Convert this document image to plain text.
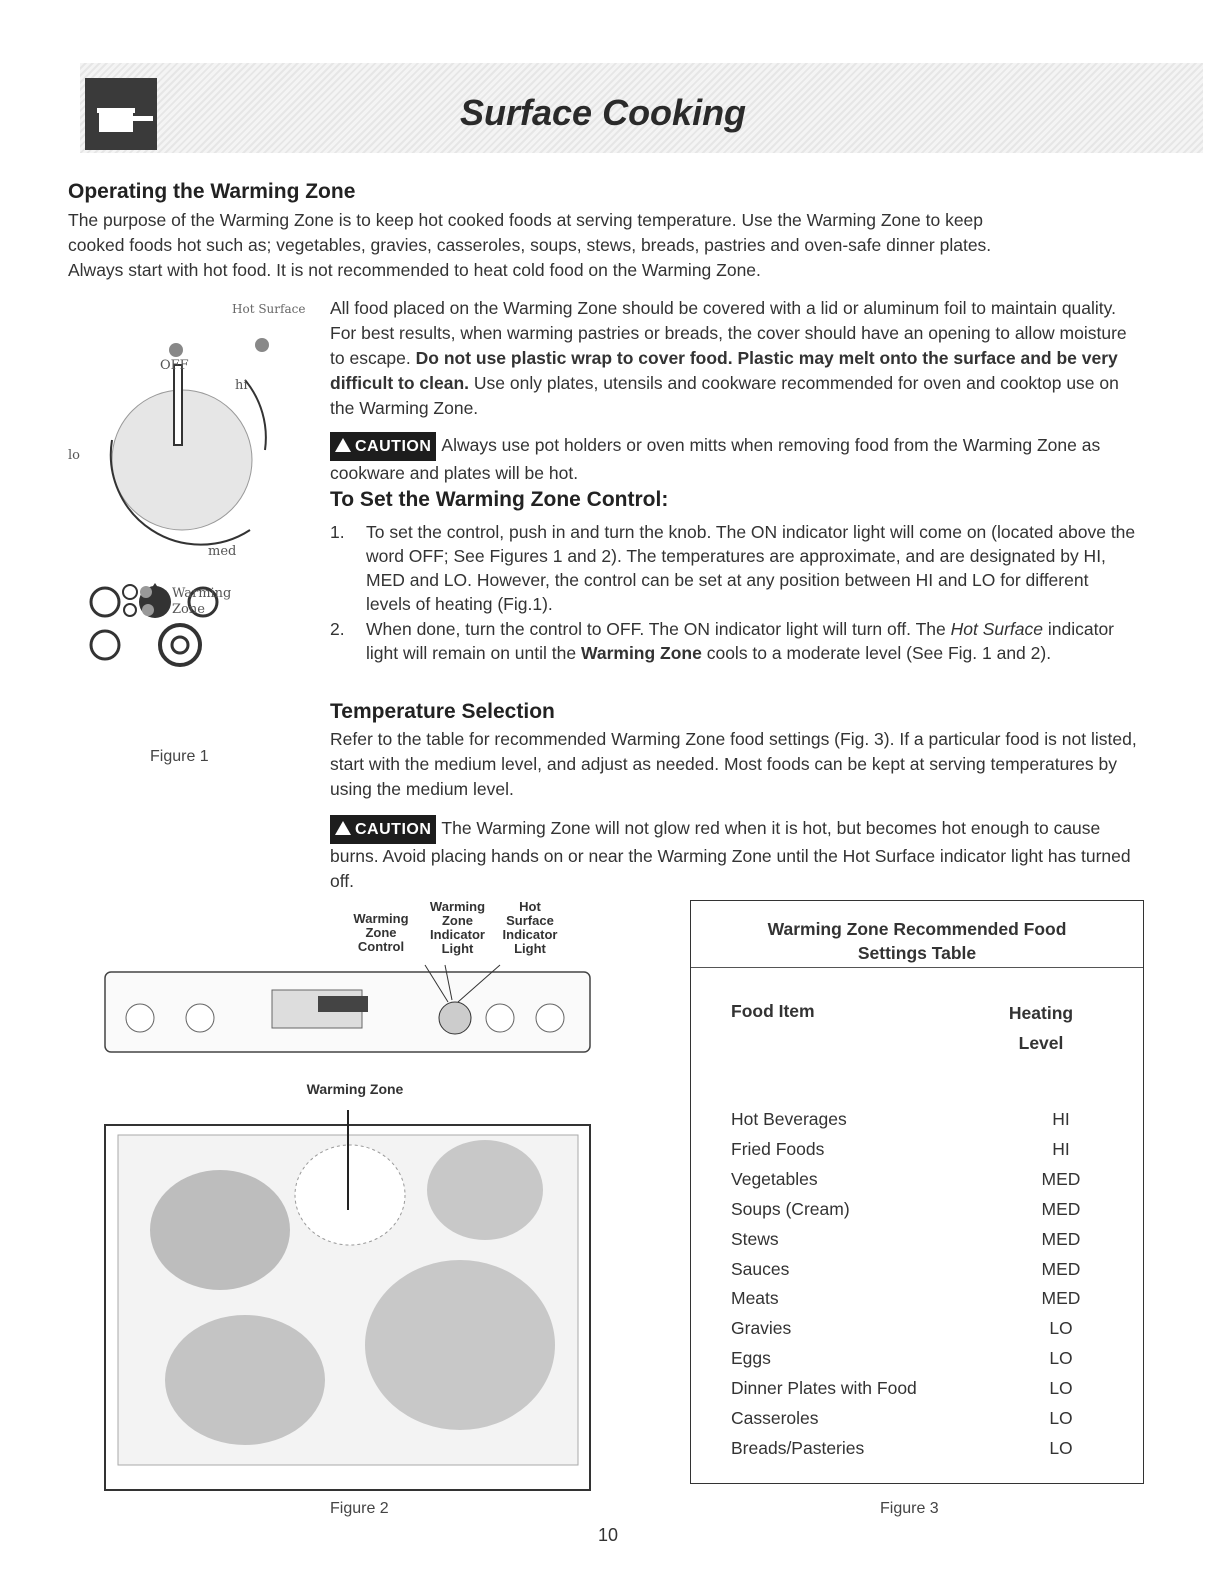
Surface Cooking
Operating the Warming Zone

The purpose of the Warming Zone is to keep hot cooked foods at serving temperature. Use the Warming Zone to keep

cooked foods hot such as; vegetables, gravies, casseroles, soups, stews, breads, pastries and oven-safe dinner plates.

Always start with hot food. It is not recommended to heat cold food on the Warming Zone.

All food placed on the Warming Zone should be covered with a lid or aluminum foil to maintain quality. For best results, when warming pastries or breads, the cover should have an opening to allow moisture to escape. Do not use plastic wrap to cover food. Plastic may melt onto the surface and be very difficult to clean. Use only plates, utensils and cookware recommended for oven and cooktop use on the Warming Zone.

CAUTION Always use pot holders or oven mitts when removing food from the Warming Zone as cookware and plates will be hot.

To Set the Warming Zone Control:
1. To set the control, push in and turn the knob. The ON indicator light will come on (located above the word OFF; See Figures 1 and 2). The temperatures are approximate, and are designated by HI, MED and LO. However, the control can be set at any position between HI and LO for different levels of heating (Fig.1).
2. When done, turn the control to OFF. The ON indicator light will turn off. The Hot Surface indicator light will remain on until the Warming Zone cools to a moderate level (See Fig. 1 and 2).
Temperature Selection

Refer to the table for recommended Warming Zone food settings (Fig. 3). If a particular food is not listed, start with the medium level, and adjust as needed. Most foods can be kept at serving temperatures by using the medium level.

CAUTION The Warming Zone will not glow red when it is hot, but becomes hot enough to cause burns. Avoid placing hands on or near the Warming Zone until the Hot Surface indicator light has turned off.

Hot Surface
OFF
hi
lo
med
Warming
Zone
Figure 1
Warming
Zone
Control
Warming
Zone
Indicator
Light
Hot
Surface
Indicator
Light
Warming Zone
Figure 2
Warming Zone Recommended Food
Settings Table
Food Item	Heating
Level
Hot Beverages	HI
Fried Foods	HI
Vegetables	MED
Soups (Cream)	MED
Stews	MED
Sauces	MED
Meats	MED
Gravies	LO
Eggs	LO
Dinner Plates with Food	LO
Casseroles	LO
Breads/Pasteries	LO
Figure 3
10
